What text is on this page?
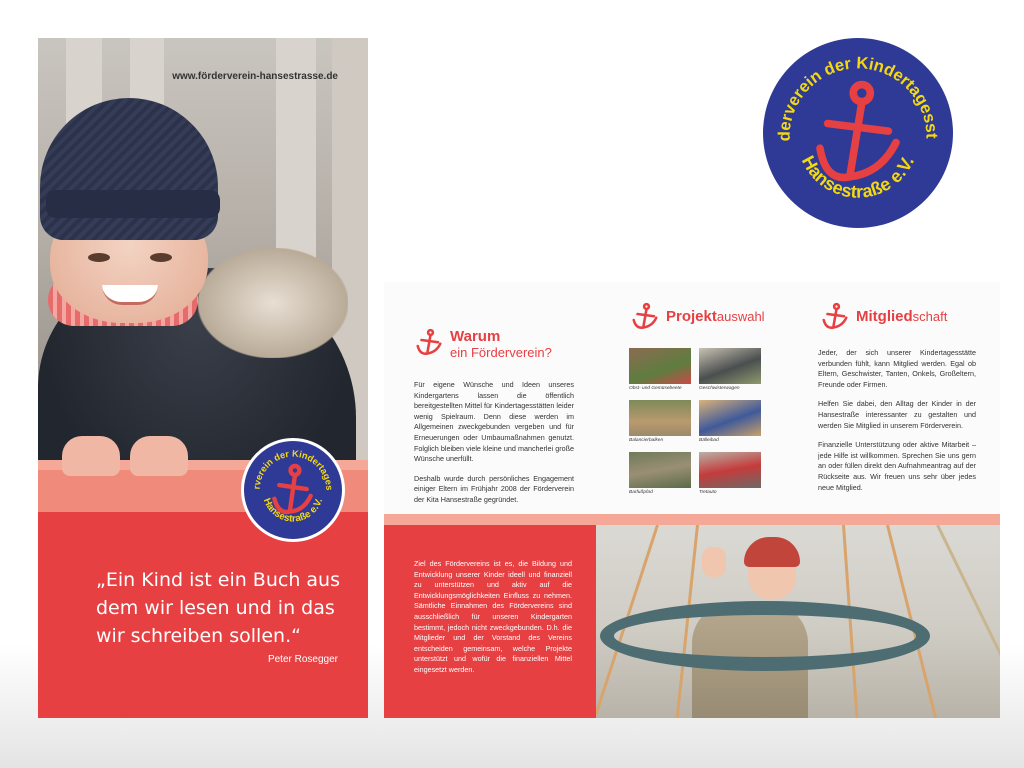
www.förderverein-hansestrasse.de
rverein der Kindertages
Hansestraße e.V.
„Ein Kind ist ein Buch aus dem wir lesen und in das wir schreiben sollen.“
Peter Rosegger
derverein der Kindertagesst
Hansestraße e.V.
Warum
ein Förderverein?

Für eigene Wünsche und Ideen unseres Kindergartens lassen die öffentlich bereitgestellten Mittel für Kindertagesstätten leider wenig Spielraum. Denn diese werden im Allgemeinen zweckgebunden vergeben und für Erneuerungen oder Umbaumaßnahmen genutzt. Folglich bleiben viele kleine und mancherlei große Wünsche unerfüllt.

Deshalb wurde durch persönliches Engagement einiger Eltern im Frühjahr 2008 der Förderverein der Kita Hansestraße gegründet.

Projektauswahl
Obst- und Gemüsebeete	Geschwisterwagen
Balancierbalken	Bälleibad
Barfußpfad	Tretauto
Mitgliedschaft

Jeder, der sich unserer Kindertagesstätte verbunden fühlt, kann Mitglied werden. Egal ob Eltern, Geschwister, Tanten, Onkels, Großeltern, Freunde oder Firmen.

Helfen Sie dabei, den Alltag der Kinder in der Hansestraße interessanter zu gestalten und werden Sie Mitglied in unserem Förderverein.

Finanzielle Unterstützung oder aktive Mitarbeit – jede Hilfe ist willkommen. Sprechen Sie uns gern an oder füllen direkt den Aufnahmeantrag auf der Rückseite aus. Wir freuen uns sehr über jedes neue Mitglied.

Ziel des Fördervereins ist es, die Bildung und Entwicklung unserer Kinder ideell und finanziell zu unterstützen und aktiv auf die Entwicklungsmöglichkeiten Einfluss zu nehmen. Sämtliche Einnahmen des Fördervereins sind ausschließlich für unseren Kindergarten bestimmt, jedoch nicht zweckgebunden. D.h. die Mitglieder und der Vorstand des Vereins entscheiden gemeinsam, welche Projekte unterstützt und wofür die finanziellen Mittel eingesetzt werden.
